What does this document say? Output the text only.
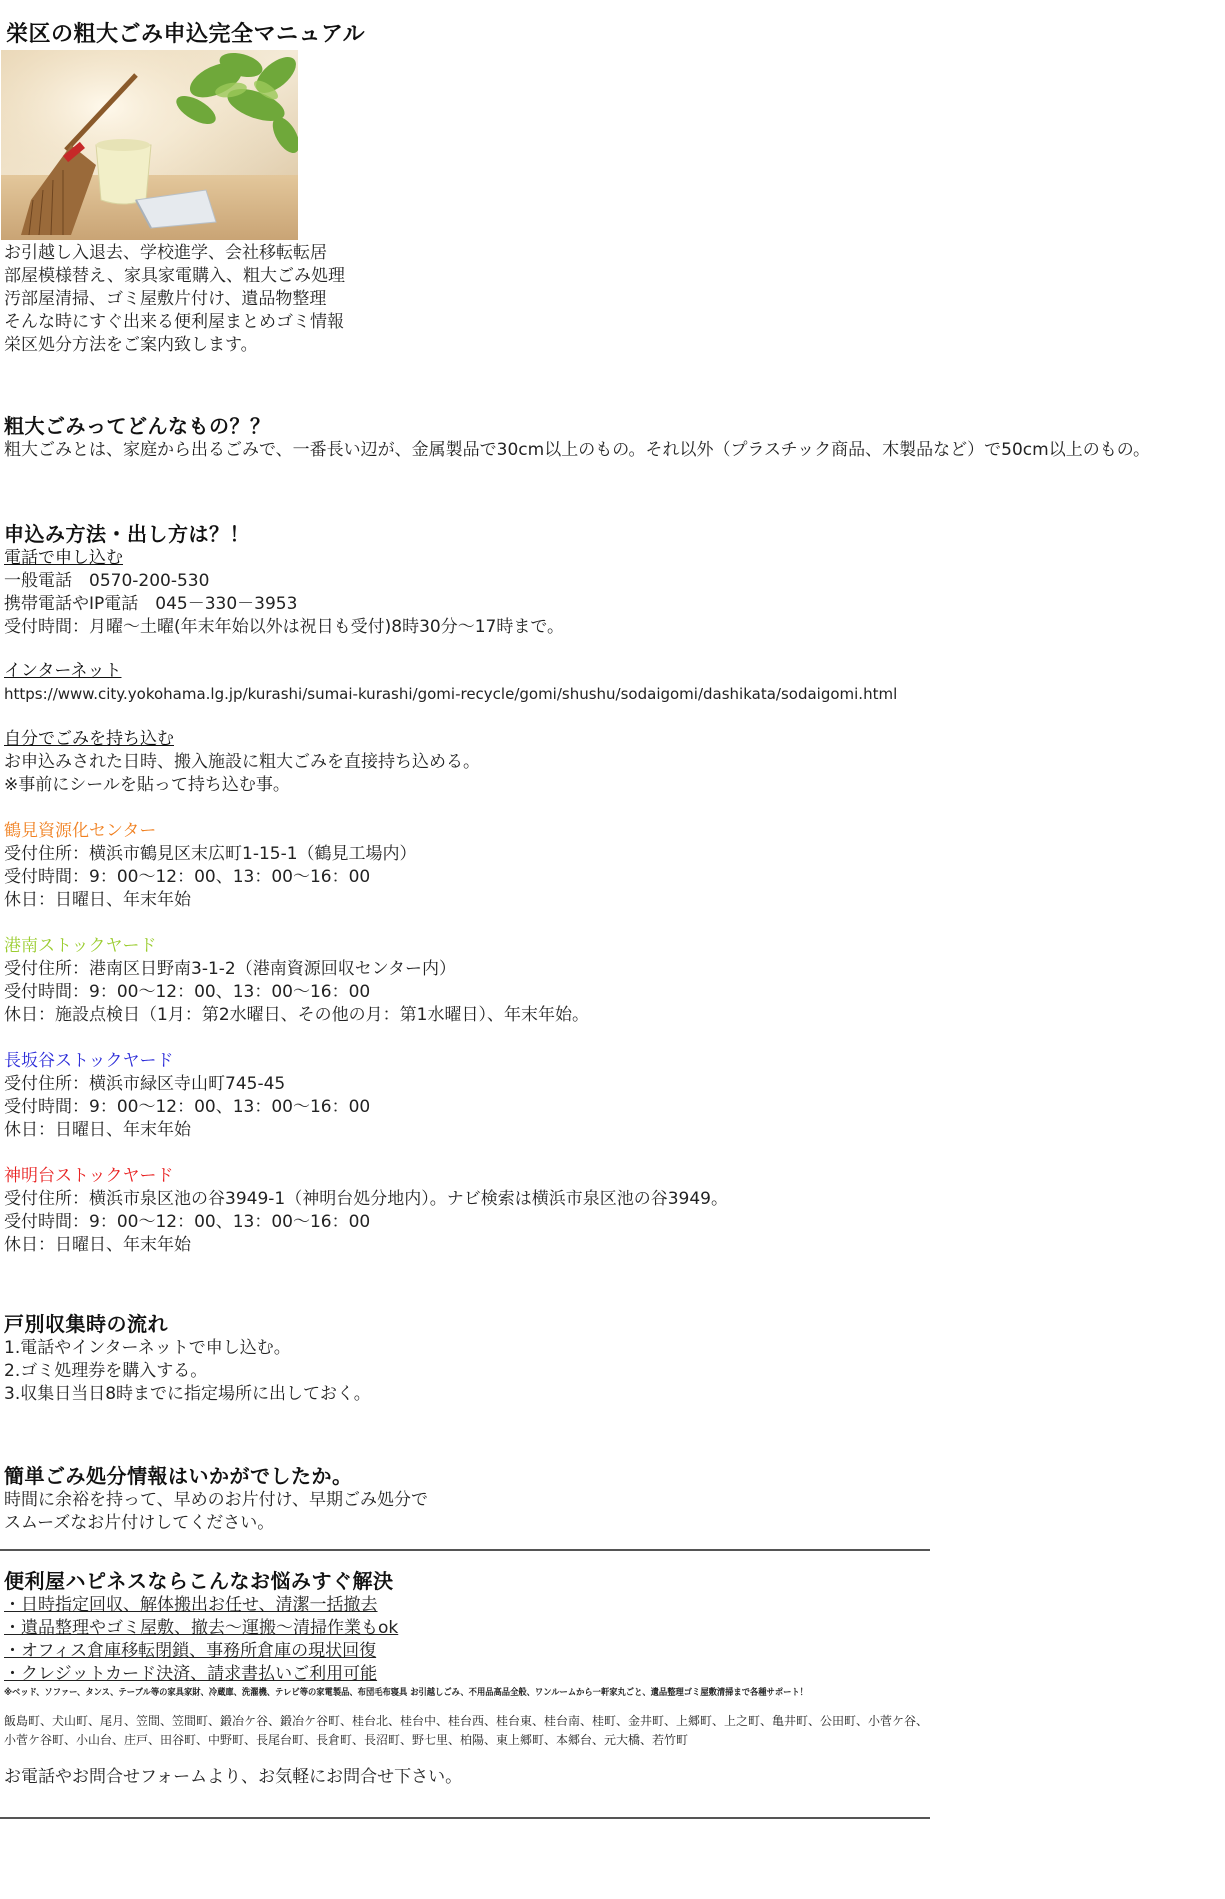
栄区の粗大ごみ申込完全マニュアル
お引越し入退去、学校進学、会社移転転居
部屋模様替え、家具家電購入、粗大ごみ処理
汚部屋清掃、ゴミ屋敷片付け、遺品物整理
そんな時にすぐ出来る便利屋まとめゴミ情報
栄区処分方法をご案内致します。
粗大ごみってどんなもの？？
粗大ごみとは、家庭から出るごみで、一番長い辺が、金属製品で30cm以上のもの。それ以外（プラスチック商品、木製品など）で50cm以上のもの。
申込み方法・出し方は？！
電話で申し込む
一般電話　0570-200-530
携帯電話やIP電話　045－330－3953
受付時間：月曜～土曜(年末年始以外は祝日も受付)8時30分～17時まで。
インターネット
https://www.city.yokohama.lg.jp/kurashi/sumai-kurashi/gomi-recycle/gomi/shushu/sodaigomi/dashikata/sodaigomi.html
自分でごみを持ち込む
お申込みされた日時、搬入施設に粗大ごみを直接持ち込める。
※事前にシールを貼って持ち込む事。
鶴見資源化センター
受付住所：横浜市鶴見区末広町1-15-1（鶴見工場内）
受付時間：9：00～12：00、13：00～16：00
休日：日曜日、年末年始
港南ストックヤード
受付住所：港南区日野南3-1-2（港南資源回収センター内）
受付時間：9：00～12：00、13：00～16：00
休日：施設点検日（1月：第2水曜日、その他の月：第1水曜日）、年末年始。
長坂谷ストックヤード
受付住所：横浜市緑区寺山町745-45
受付時間：9：00～12：00、13：00～16：00
休日：日曜日、年末年始
神明台ストックヤード
受付住所：横浜市泉区池の谷3949-1（神明台処分地内）。ナビ検索は横浜市泉区池の谷3949。
受付時間：9：00～12：00、13：00～16：00
休日：日曜日、年末年始
戸別収集時の流れ
1.電話やインターネットで申し込む。
2.ゴミ処理券を購入する。
3.収集日当日8時までに指定場所に出しておく。
簡単ごみ処分情報はいかがでしたか。
時間に余裕を持って、早めのお片付け、早期ごみ処分で
スムーズなお片付けしてください。
便利屋ハピネスならこんなお悩みすぐ解決
・日時指定回収、解体搬出お任せ、清潔一括撤去
・遺品整理やゴミ屋敷、撤去～運搬～清掃作業もok
・オフィス倉庫移転閉鎖、事務所倉庫の現状回復
・クレジットカード決済、請求書払いご利用可能
※ベッド、ソファー、タンス、テーブル等の家具家財、冷蔵庫、洗濯機、テレビ等の家電製品、布団毛布寝具 お引越しごみ、不用品高品全般、ワンルームから一軒家丸ごと、遺品整理ゴミ屋敷清掃まで各種サポート！
飯島町、犬山町、尾月、笠間、笠間町、鍛冶ケ谷、鍛冶ケ谷町、桂台北、桂台中、桂台西、桂台東、桂台南、桂町、金井町、上郷町、上之町、亀井町、公田町、小菅ケ谷、
小菅ケ谷町、小山台、庄戸、田谷町、中野町、長尾台町、長倉町、長沼町、野七里、柏陽、東上郷町、本郷台、元大橋、若竹町
お電話やお問合せフォームより、お気軽にお問合せ下さい。
